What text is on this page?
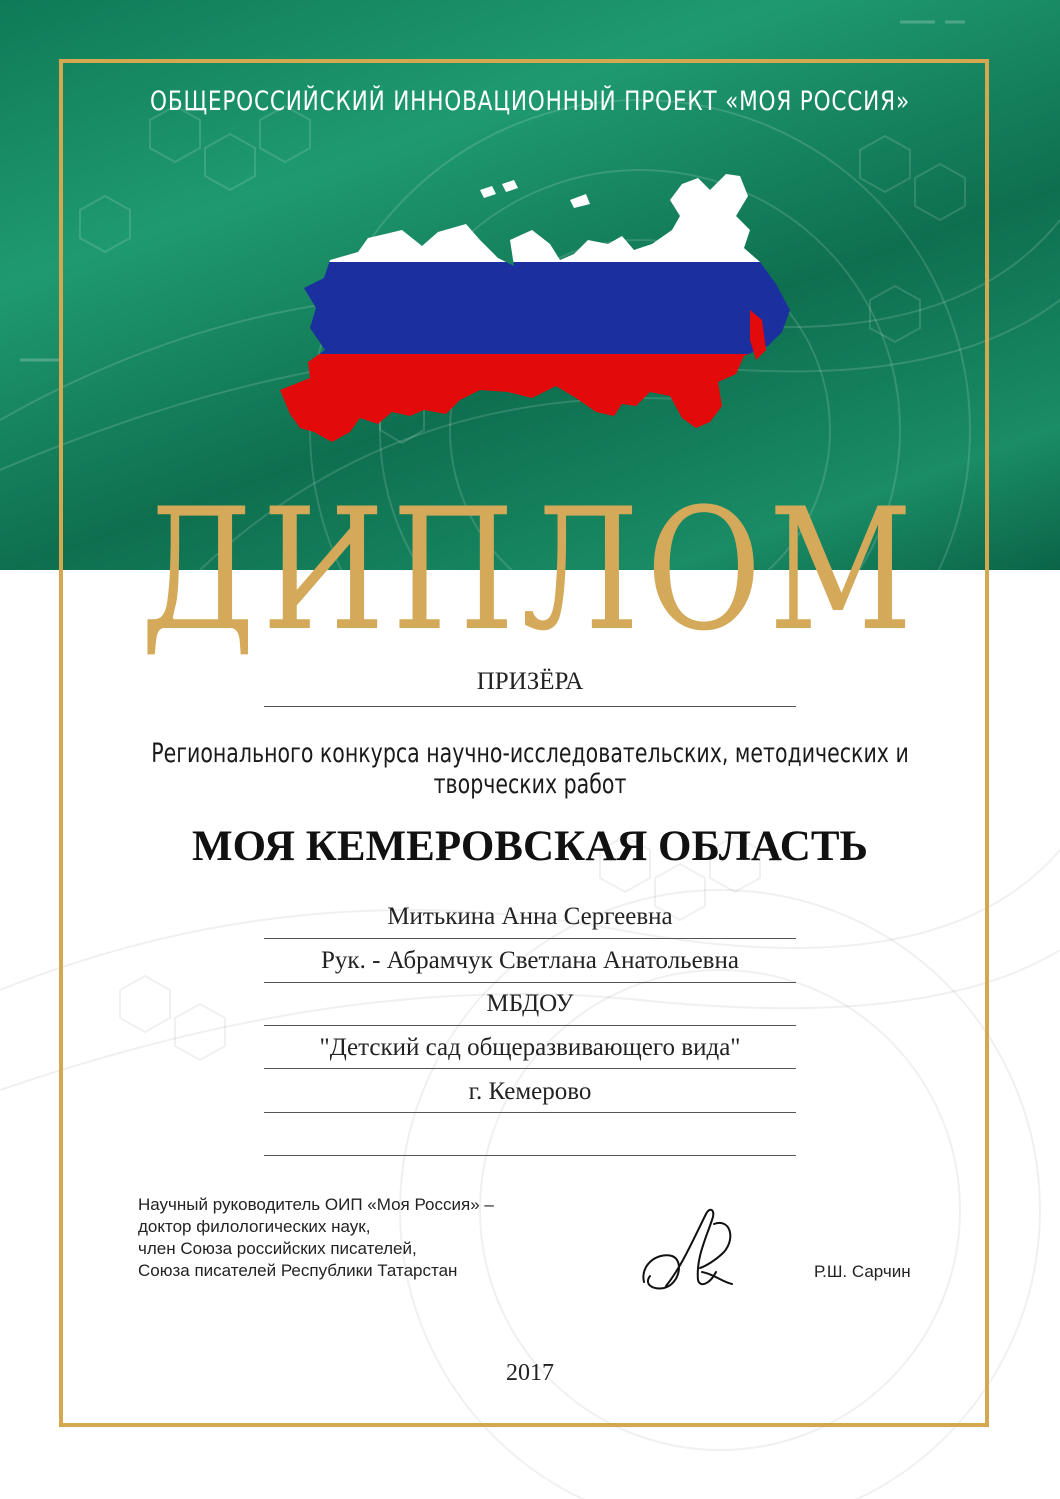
ОБЩЕРОССИЙСКИЙ ИННОВАЦИОННЫЙ ПРОЕКТ «МОЯ РОССИЯ»
ДИПЛОМ
ПРИЗЁРА
Регионального конкурса научно-исследовательских, методических и творческих работ
МОЯ КЕМЕРОВСКАЯ ОБЛАСТЬ
Митькина Анна Сергеевна
Рук. - Абрамчук Светлана Анатольевна
МБДОУ
"Детский сад общеразвивающего вида"
г. Кемерово
Научный руководитель ОИП «Моя Россия» –
доктор филологических наук,
член Союза российских писателей,
Союза писателей Республики Татарстан	Р.Ш. Сарчин
2017
